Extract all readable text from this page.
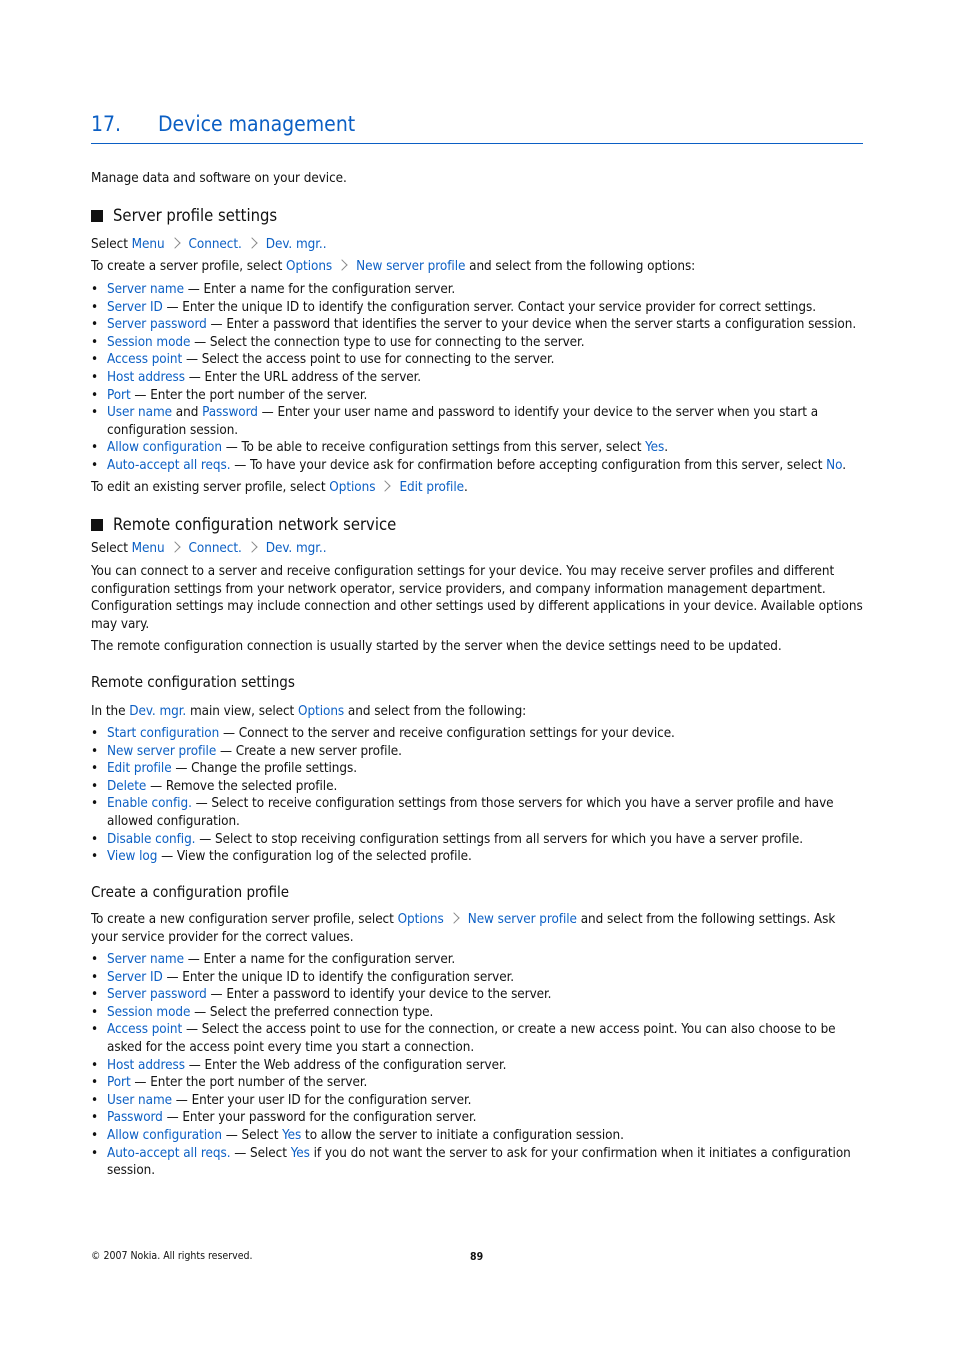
17. Device management

Manage data and software on your device.

Server profile settings

Select Menu Connect. Dev. mgr..

To create a server profile, select Options New server profile and select from the following options:

• Server name — Enter a name for the configuration server.
• Server ID — Enter the unique ID to identify the configuration server. Contact your service provider for correct settings.
• Server password — Enter a password that identifies the server to your device when the server starts a configuration session.
• Session mode — Select the connection type to use for connecting to the server.
• Access point — Select the access point to use for connecting to the server.
• Host address — Enter the URL address of the server.
• Port — Enter the port number of the server.
• User name and Password — Enter your user name and password to identify your device to the server when you start a configuration session.
• Allow configuration — To be able to receive configuration settings from this server, select Yes.
• Auto-accept all reqs. — To have your device ask for confirmation before accepting configuration from this server, select No.

To edit an existing server profile, select Options Edit profile.

Remote configuration network service

Select Menu Connect. Dev. mgr..

You can connect to a server and receive configuration settings for your device. You may receive server profiles and different configuration settings from your network operator, service providers, and company information management department. Configuration settings may include connection and other settings used by different applications in your device. Available options may vary.

The remote configuration connection is usually started by the server when the device settings need to be updated.

Remote configuration settings

In the Dev. mgr. main view, select Options and select from the following:

• Start configuration — Connect to the server and receive configuration settings for your device.
• New server profile — Create a new server profile.
• Edit profile — Change the profile settings.
• Delete — Remove the selected profile.
• Enable config. — Select to receive configuration settings from those servers for which you have a server profile and have allowed configuration.
• Disable config. — Select to stop receiving configuration settings from all servers for which you have a server profile.
• View log — View the configuration log of the selected profile.
Create a configuration profile

To create a new configuration server profile, select Options New server profile and select from the following settings. Ask your service provider for the correct values.

• Server name — Enter a name for the configuration server.
• Server ID — Enter the unique ID to identify the configuration server.
• Server password — Enter a password to identify your device to the server.
• Session mode — Select the preferred connection type.
• Access point — Select the access point to use for the connection, or create a new access point. You can also choose to be asked for the access point every time you start a connection.
• Host address — Enter the Web address of the configuration server.
• Port — Enter the port number of the server.
• User name — Enter your user ID for the configuration server.
• Password — Enter your password for the configuration server.
• Allow configuration — Select Yes to allow the server to initiate a configuration session.
• Auto-accept all reqs. — Select Yes if you do not want the server to ask for your confirmation when it initiates a configuration session.
© 2007 Nokia. All rights reserved.	89
